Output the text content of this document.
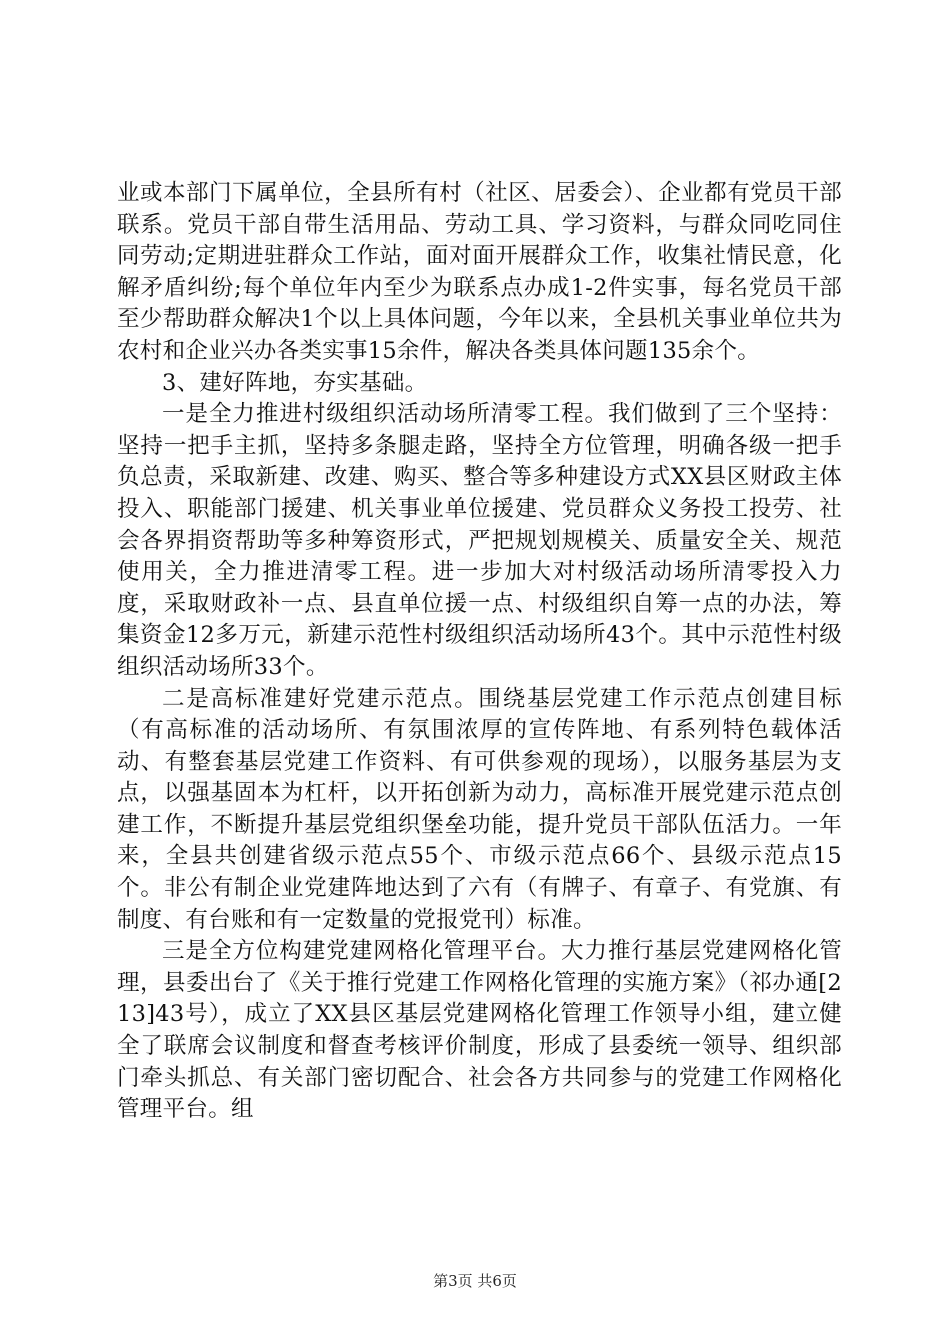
业或本部门下属单位，全县所有村（社区、居委会）、企业都有党员干部联系。党员干部自带生活用品、劳动工具、学习资料，与群众同吃同住同劳动;定期进驻群众工作站，面对面开展群众工作，收集社情民意，化解矛盾纠纷;每个单位年内至少为联系点办成1-2件实事，每名党员干部至少帮助群众解决1个以上具体问题，今年以来，全县机关事业单位共为农村和企业兴办各类实事15余件，解决各类具体问题135余个。

3、建好阵地，夯实基础。

一是全力推进村级组织活动场所清零工程。我们做到了三个坚持：坚持一把手主抓，坚持多条腿走路，坚持全方位管理，明确各级一把手负总责，采取新建、改建、购买、整合等多种建设方式XX县区财政主体投入、职能部门援建、机关事业单位援建、党员群众义务投工投劳、社会各界捐资帮助等多种筹资形式，严把规划规模关、质量安全关、规范使用关，全力推进清零工程。进一步加大对村级活动场所清零投入力度，采取财政补一点、县直单位援一点、村级组织自筹一点的办法，筹集资金12多万元，新建示范性村级组织活动场所43个。其中示范性村级组织活动场所33个。

二是高标准建好党建示范点。围绕基层党建工作示范点创建目标（有高标准的活动场所、有氛围浓厚的宣传阵地、有系列特色载体活动、有整套基层党建工作资料、有可供参观的现场），以服务基层为支点，以强基固本为杠杆，以开拓创新为动力，高标准开展党建示范点创建工作，不断提升基层党组织堡垒功能，提升党员干部队伍活力。一年来，全县共创建省级示范点55个、市级示范点66个、县级示范点15个。非公有制企业党建阵地达到了六有（有牌子、有章子、有党旗、有制度、有台账和有一定数量的党报党刊）标准。

三是全方位构建党建网格化管理平台。大力推行基层党建网格化管理，县委出台了《关于推行党建工作网格化管理的实施方案》（祁办通[213]43号），成立了XX县区基层党建网格化管理工作领导小组，建立健全了联席会议制度和督查考核评价制度，形成了县委统一领导、组织部门牵头抓总、有关部门密切配合、社会各方共同参与的党建工作网格化管理平台。组

第3页 共6页
